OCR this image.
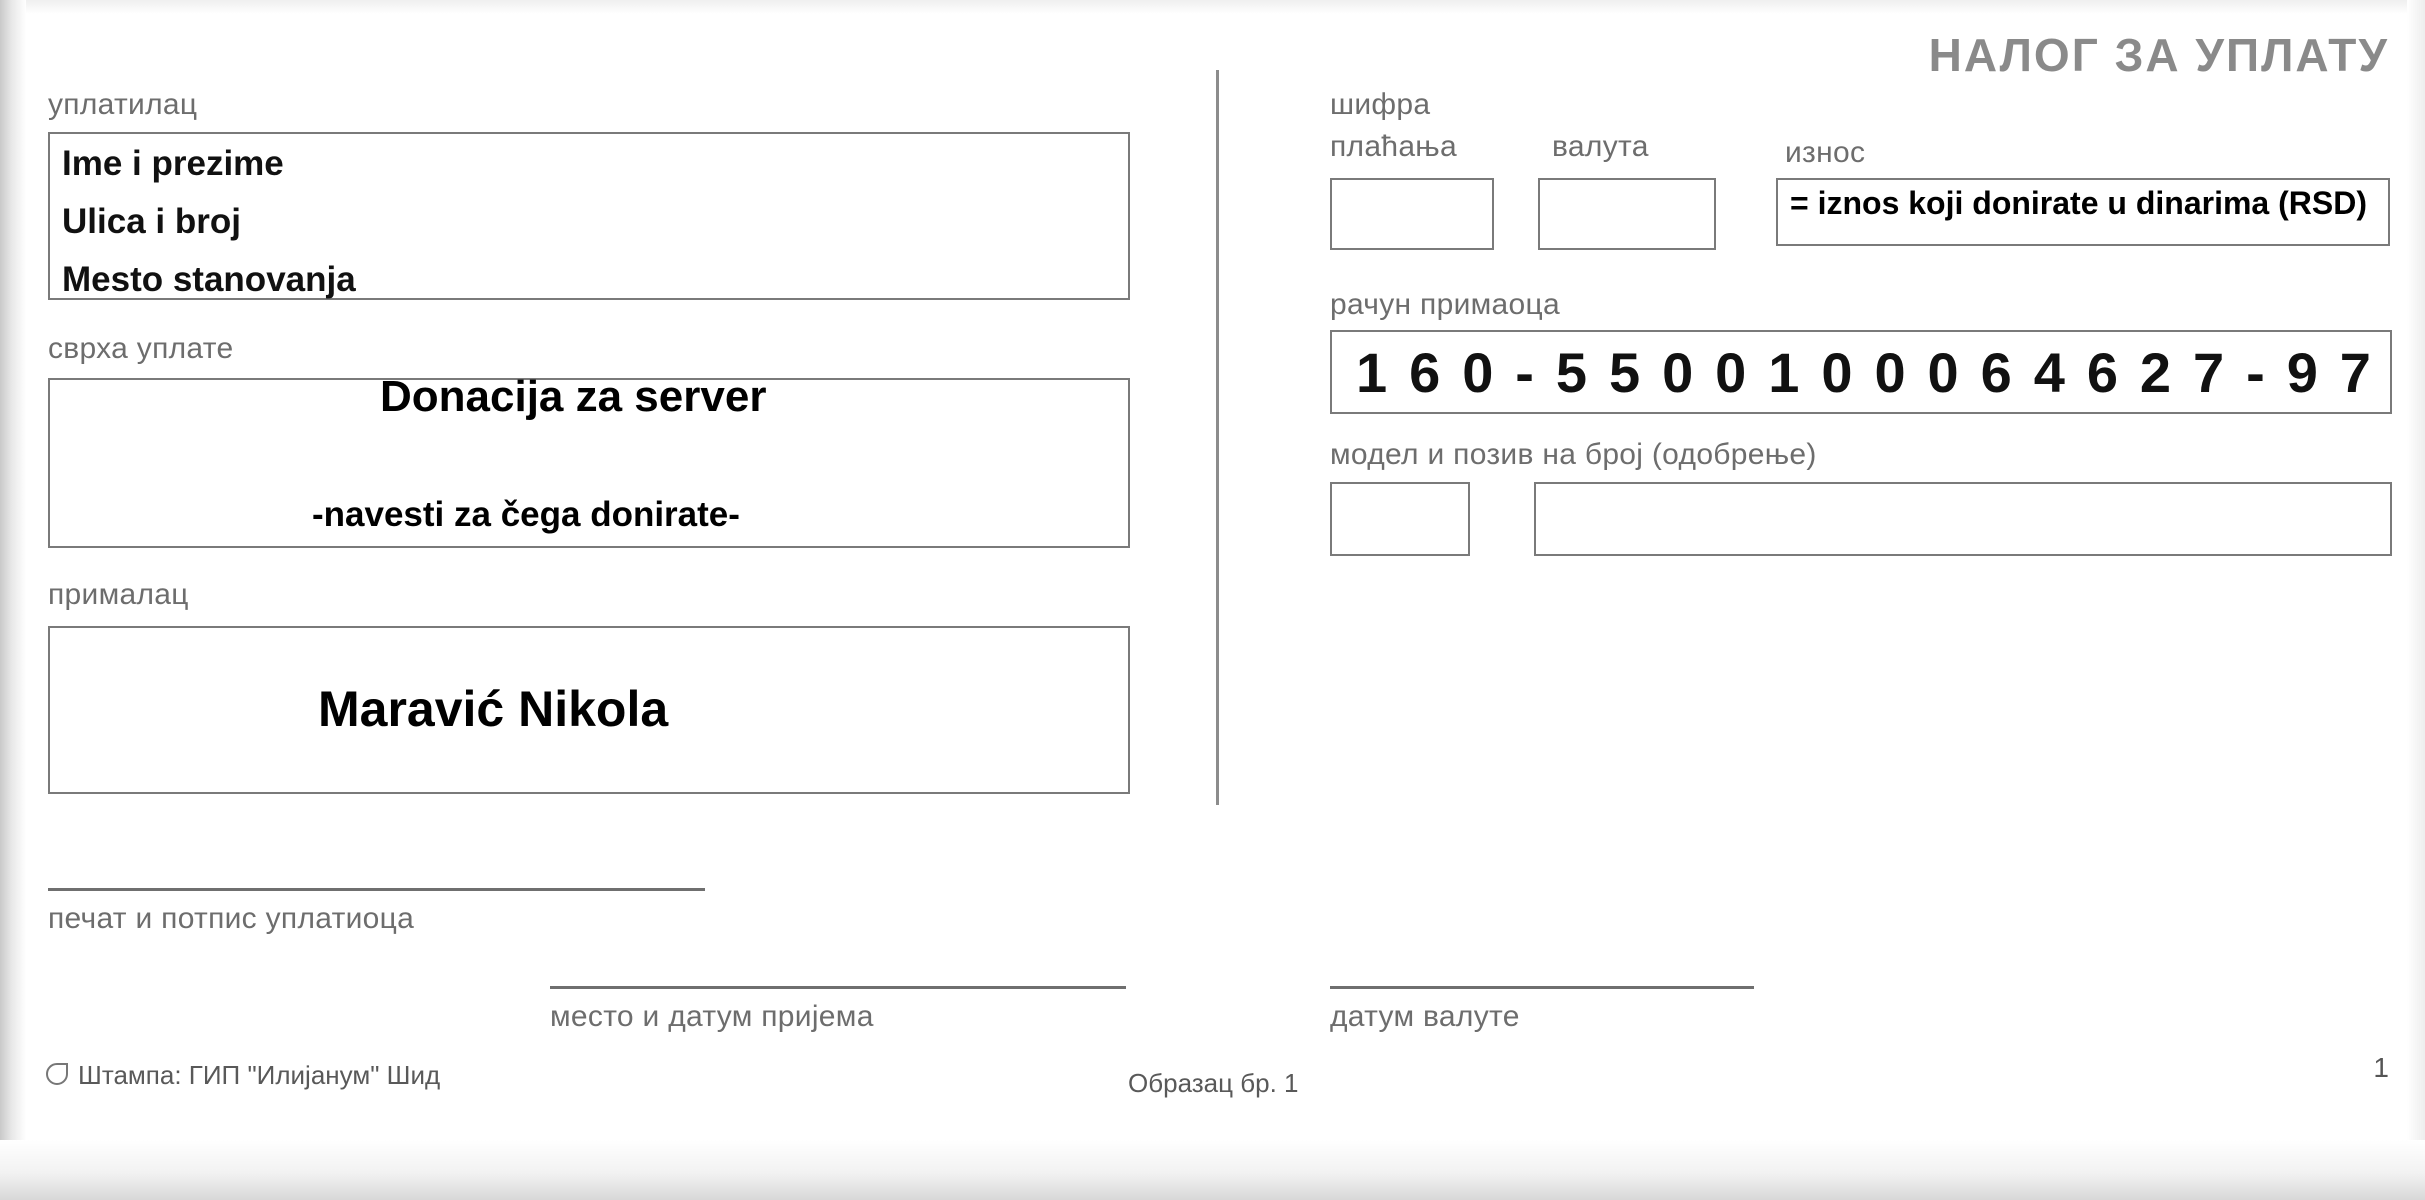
НАЛОГ ЗА УПЛАТУ
уплатилац
Ime i prezime
Ulica i broj
Mesto stanovanja
сврха уплате
Donacija za server
-navesti za čega donirate-
прималац
Maravić Nikola
печат и потпис уплатиоца
шифра
плаћања	валута	износ
= iznos koji donirate u dinarima (RSD)
рачун примаоца
1 6 0 - 5 5 0 0 1 0 0 0 6 4 6 2 7 - 9 7
модел и позив на број (одобрење)
место и датум пријема	датум валуте
Штампа: ГИП "Илијанум" Шид	Образац бр. 1	1
